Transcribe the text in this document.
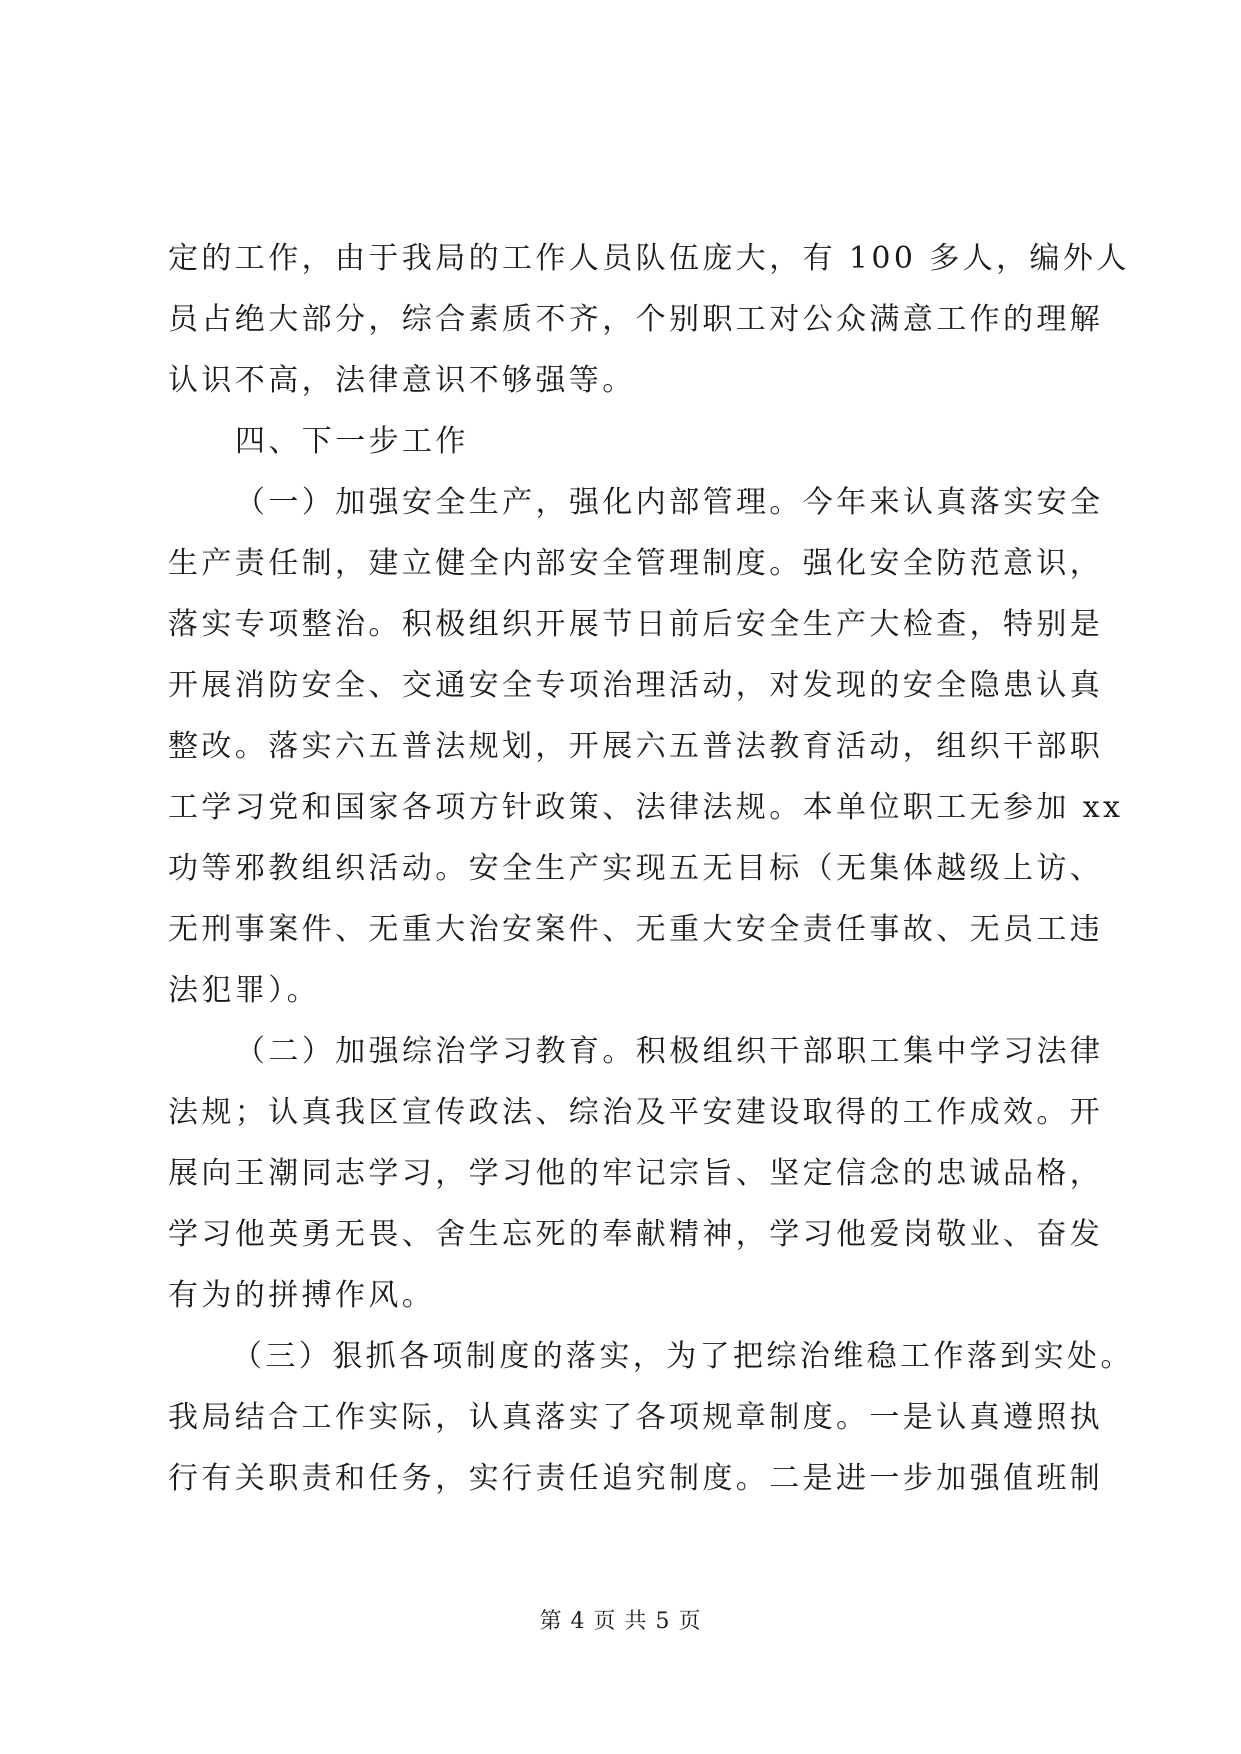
定的工作，由于我局的工作人员队伍庞大，有 100 多人，编外人
员占绝大部分，综合素质不齐，个别职工对公众满意工作的理解
认识不高，法律意识不够强等。
四、下一步工作
（一）加强安全生产，强化内部管理。今年来认真落实安全
生产责任制，建立健全内部安全管理制度。强化安全防范意识，
落实专项整治。积极组织开展节日前后安全生产大检查，特别是
开展消防安全、交通安全专项治理活动，对发现的安全隐患认真
整改。落实六五普法规划，开展六五普法教育活动，组织干部职
工学习党和国家各项方针政策、法律法规。本单位职工无参加 xx
功等邪教组织活动。安全生产实现五无目标（无集体越级上访、
无刑事案件、无重大治安案件、无重大安全责任事故、无员工违
法犯罪）。
（二）加强综治学习教育。积极组织干部职工集中学习法律
法规；认真我区宣传政法、综治及平安建设取得的工作成效。开
展向王潮同志学习，学习他的牢记宗旨、坚定信念的忠诚品格，
学习他英勇无畏、舍生忘死的奉献精神，学习他爱岗敬业、奋发
有为的拼搏作风。
（三）狠抓各项制度的落实，为了把综治维稳工作落到实处。
我局结合工作实际，认真落实了各项规章制度。一是认真遵照执
行有关职责和任务，实行责任追究制度。二是进一步加强值班制
第 4 页 共 5 页
